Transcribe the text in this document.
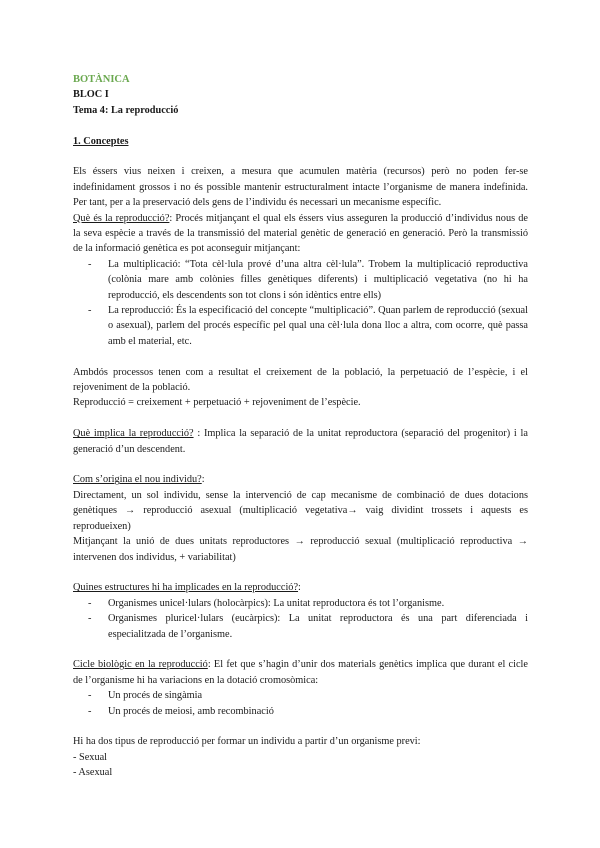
BOTÀNICA
BLOC I
Tema 4: La reproducció
1. Conceptes

Els éssers vius neixen i creixen, a mesura que acumulen matèria (recursos) però no poden fer-se indefinidament grossos i no és possible mantenir estructuralment intacte l’organisme de manera indefinida. Per tant, per a la preservació dels gens de l’individu és necessari un mecanisme específic.

Què és la reproducció?: Procés mitjançant el qual els éssers vius asseguren la producció d’individus nous de la seva espècie a través de la transmissió del material genètic de generació en generació. Però la transmissió de la informació genètica es pot aconseguir mitjançant:

- La multiplicació: “Tota cèl·lula prové d’una altra cèl·lula”. Trobem la multiplicació reproductiva (colònia mare amb colònies filles genètiques diferents) i multiplicació vegetativa (no hi ha reproducció, els descendents son tot clons i són idèntics entre ells)
- La reproducció: És la especificació del concepte “multiplicació”. Quan parlem de reproducció (sexual o asexual), parlem del procés específic pel qual una cèl·lula dona lloc a altra, com ocorre, què passa amb el material, etc.

Ambdós processos tenen com a resultat el creixement de la població, la perpetuació de l’espècie, i el rejoveniment de la població.

Reproducció = creixement + perpetuació + rejoveniment de l’espècie.

Què implica la reproducció? : Implica la separació de la unitat reproductora (separació del progenitor) i la generació d’un descendent.

Com s’origina el nou individu?:

Directament, un sol individu, sense la intervenció de cap mecanisme de combinació de dues dotacions genètiques → reproducció asexual (multiplicació vegetativa→ vaig dividint trossets i aquests es reprodueixen)

Mitjançant la unió de dues unitats reproductores → reproducció sexual (multiplicació reproductiva → intervenen dos individus, + variabilitat)

Quines estructures hi ha implicades en la reproducció?:

- Organismes unicel·lulars (holocàrpics): La unitat reproductora és tot l’organisme.
- Organismes pluricel·lulars (eucàrpics): La unitat reproductora és una part diferenciada i especialitzada de l’organisme.

Cicle biològic en la reproducció: El fet que s’hagin d’unir dos materials genètics implica que durant el cicle de l’organisme hi ha variacions en la dotació cromosòmica:

- Un procés de singàmia
- Un procés de meiosi, amb recombinació

Hi ha dos tipus de reproducció per formar un individu a partir d’un organisme previ:

- Sexual
- Asexual
